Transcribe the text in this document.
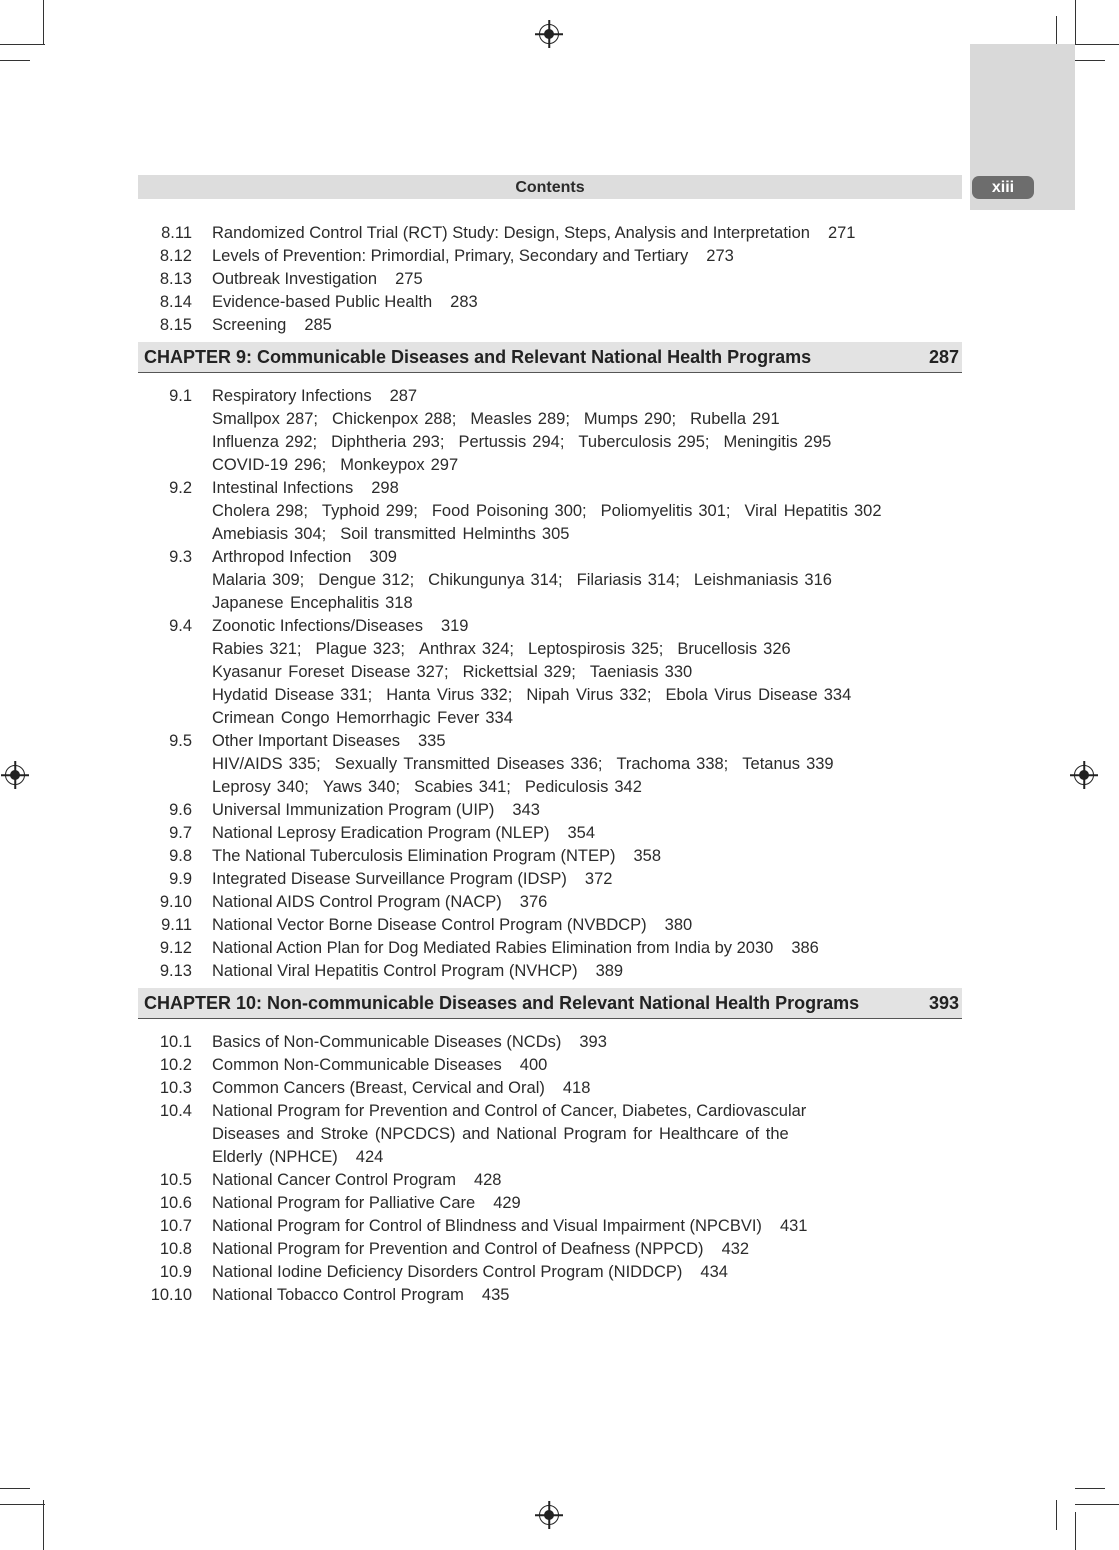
xiii
Contents
8.11 Randomized Control Trial (RCT) Study: Design, Steps, Analysis and Interpretation 271
8.12 Levels of Prevention: Primordial, Primary, Secondary and Tertiary 273
8.13 Outbreak Investigation 275
8.14 Evidence-based Public Health 283
8.15 Screening 285
CHAPTER 9: Communicable Diseases and Relevant National Health Programs	287
9.1 Respiratory Infections 287
Smallpox 287; Chickenpox 288; Measles 289; Mumps 290; Rubella 291
Influenza 292; Diphtheria 293; Pertussis 294; Tuberculosis 295; Meningitis 295
COVID-19 296; Monkeypox 297
9.2 Intestinal Infections 298
Cholera 298; Typhoid 299; Food Poisoning 300; Poliomyelitis 301; Viral Hepatitis 302
Amebiasis 304; Soil transmitted Helminths 305
9.3 Arthropod Infection 309
Malaria 309; Dengue 312; Chikungunya 314; Filariasis 314; Leishmaniasis 316
Japanese Encephalitis 318
9.4 Zoonotic Infections/Diseases 319
Rabies 321; Plague 323; Anthrax 324; Leptospirosis 325; Brucellosis 326
Kyasanur Foreset Disease 327; Rickettsial 329; Taeniasis 330
Hydatid Disease 331; Hanta Virus 332; Nipah Virus 332; Ebola Virus Disease 334
Crimean Congo Hemorrhagic Fever 334
9.5 Other Important Diseases 335
HIV/AIDS 335; Sexually Transmitted Diseases 336; Trachoma 338; Tetanus 339
Leprosy 340; Yaws 340; Scabies 341; Pediculosis 342
9.6 Universal Immunization Program (UIP) 343
9.7 National Leprosy Eradication Program (NLEP) 354
9.8 The National Tuberculosis Elimination Program (NTEP) 358
9.9 Integrated Disease Surveillance Program (IDSP) 372
9.10 National AIDS Control Program (NACP) 376
9.11 National Vector Borne Disease Control Program (NVBDCP) 380
9.12 National Action Plan for Dog Mediated Rabies Elimination from India by 2030 386
9.13 National Viral Hepatitis Control Program (NVHCP) 389
CHAPTER 10: Non-communicable Diseases and Relevant National Health Programs	393
10.1 Basics of Non-Communicable Diseases (NCDs) 393
10.2 Common Non-Communicable Diseases 400
10.3 Common Cancers (Breast, Cervical and Oral) 418
10.4 National Program for Prevention and Control of Cancer, Diabetes, Cardiovascular
Diseases and Stroke (NPCDCS) and National Program for Healthcare of the
Elderly (NPHCE) 424
10.5 National Cancer Control Program 428
10.6 National Program for Palliative Care 429
10.7 National Program for Control of Blindness and Visual Impairment (NPCBVI) 431
10.8 National Program for Prevention and Control of Deafness (NPPCD) 432
10.9 National Iodine Deficiency Disorders Control Program (NIDDCP) 434
10.10 National Tobacco Control Program 435
